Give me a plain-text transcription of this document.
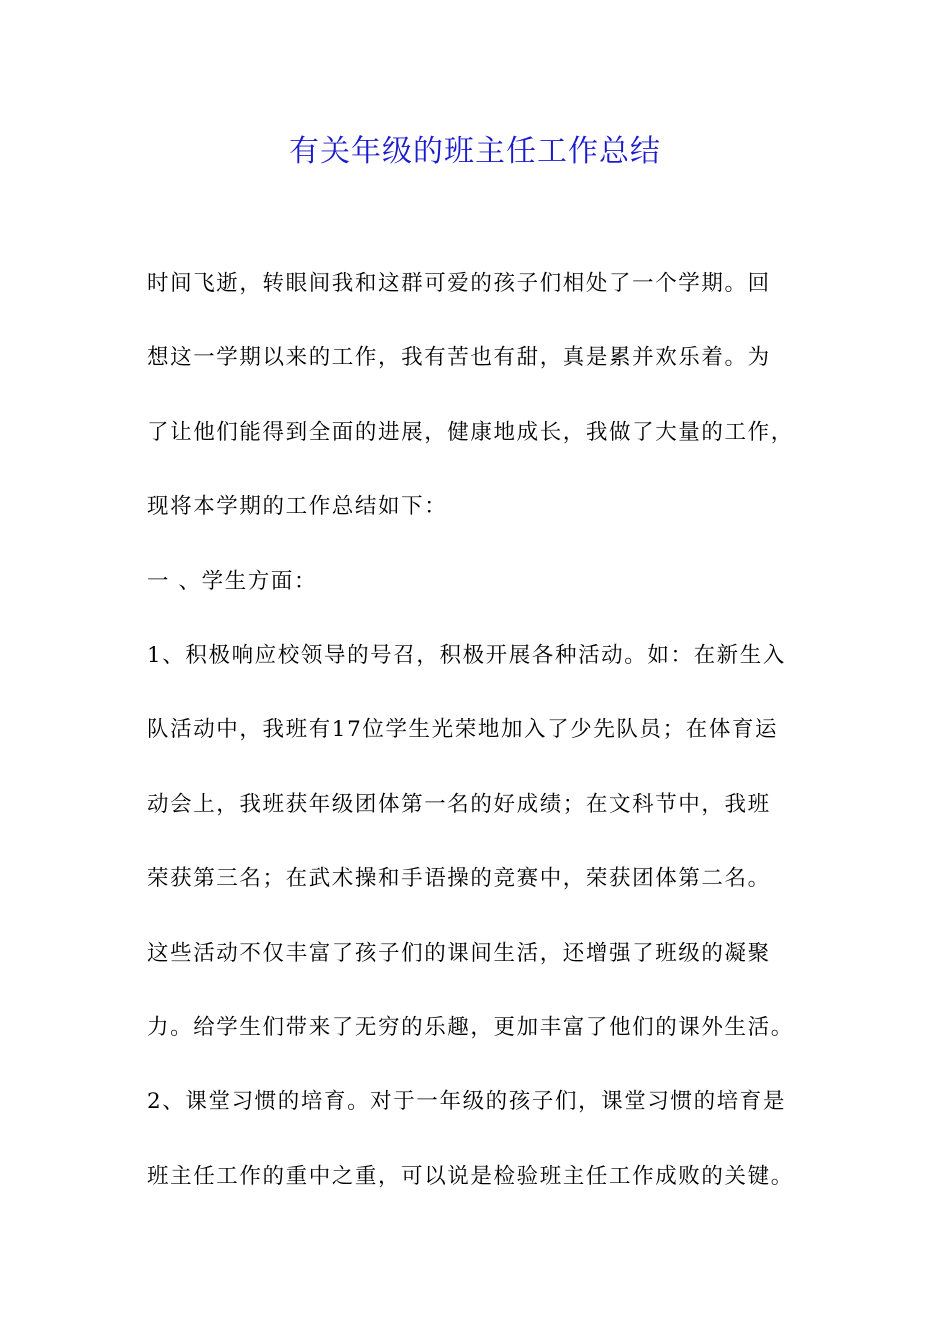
有关年级的班主任工作总结
时间飞逝，转眼间我和这群可爱的孩子们相处了一个学期。回
想这一学期以来的工作，我有苦也有甜，真是累并欢乐着。为
了让他们能得到全面的进展，健康地成长，我做了大量的工作，
现将本学期的工作总结如下：
一 、学生方面：
1、积极响应校领导的号召，积极开展各种活动。如：在新生入
队活动中，我班有17位学生光荣地加入了少先队员；在体育运
动会上，我班获年级团体第一名的好成绩；在文科节中，我班
荣获第三名；在武术操和手语操的竞赛中，荣获团体第二名。
这些活动不仅丰富了孩子们的课间生活，还增强了班级的凝聚
力。给学生们带来了无穷的乐趣，更加丰富了他们的课外生活。
2、课堂习惯的培育。对于一年级的孩子们，课堂习惯的培育是
班主任工作的重中之重，可以说是检验班主任工作成败的关键。
